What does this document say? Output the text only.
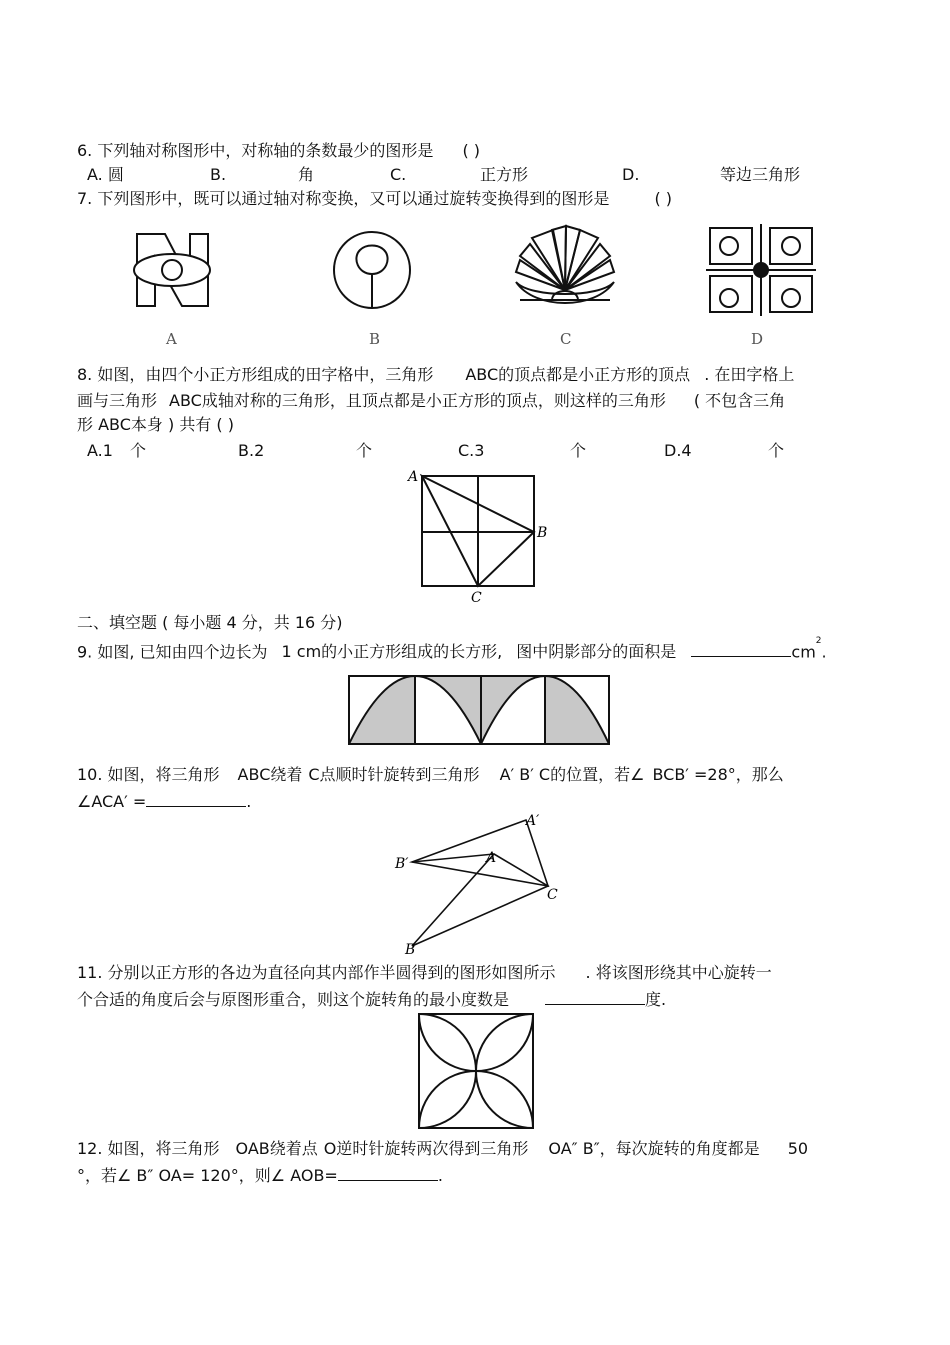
6. 下列轴对称图形中，对称轴的条数最少的图形是 ( )
A. 圆	B.	角	C.	正方形	D.	等边三角形
7. 下列图形中，既可以通过轴对称变换，又可以通过旋转变换得到的图形是	( )
A	B	C	D
8. 如图，由四个小正方形组成的田字格中，三角形 ABC的顶点都是小正方形的顶点 . 在田字格上
画与三角形 ABC成轴对称的三角形，且顶点都是小正方形的顶点，则这样的三角形 ( 不包含三角
形 ABC本身 ) 共有 ( )
A.1 个	B.2	个	C.3	个	D.4	个
A
B
C
二、填空题 ( 每小题 4 分，共 16 分)
9. 如图, 已知由四个边长为 1 cm的小正方形组成的长方形, 图中阴影部分的面积是	$cm^2$.
10. 如图，将三角形 ABC绕着 C点顺时针旋转到三角形 A′ B′ C的位置，若∠ BCB′ =28°，那么
∠ACA′ =	.
A′
B′	A
C
B
11. 分别以正方形的各边为直径向其内部作半圆得到的图形如图所示 . 将该图形绕其中心旋转一
个合适的角度后会与原图形重合，则这个旋转角的最小度数是	度.
12. 如图，将三角形 OAB绕着点 O逆时针旋转两次得到三角形 OA″ B″，每次旋转的角度都是 50
°，若∠ B″ OA= 120°，则∠ AOB=	.
